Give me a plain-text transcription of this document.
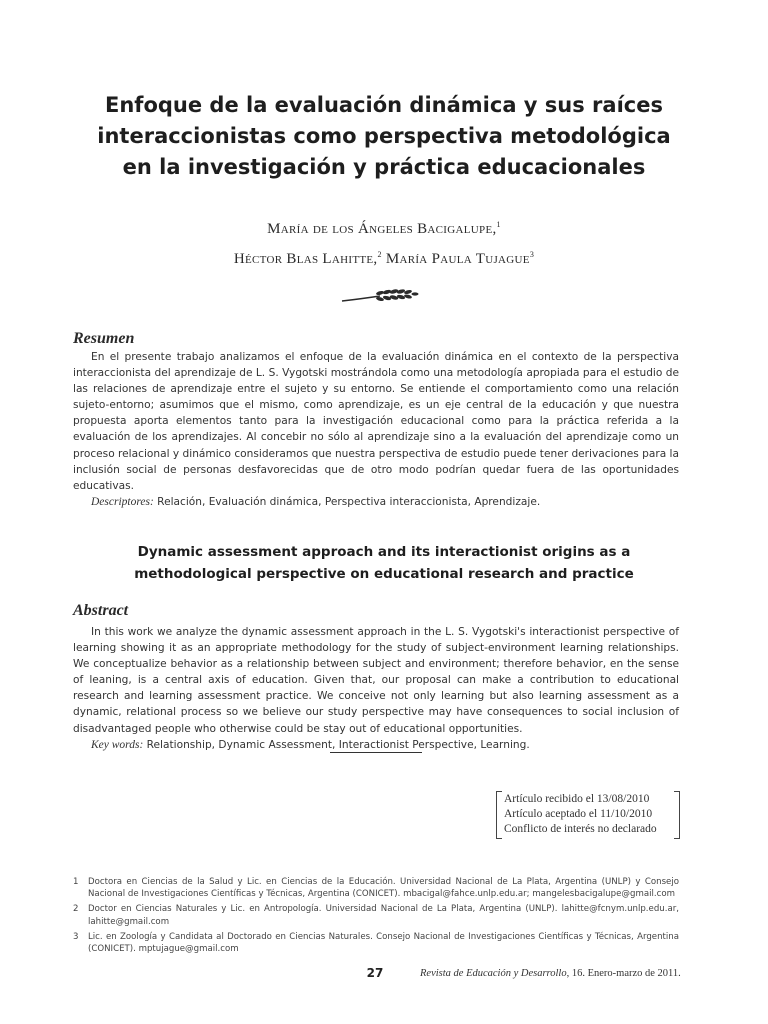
Enfoque de la evaluación dinámica y sus raíces
interaccionistas como perspectiva metodológica
en la investigación y práctica educacionales
María de los Ángeles Bacigalupe,$^1$
Héctor Blas Lahitte,$^2$ María Paula Tujague$^3$
Resumen

En el presente trabajo analizamos el enfoque de la evaluación dinámica en el contexto de la perspectiva interaccionista del aprendizaje de L. S. Vygotski mostrándola como una metodología apropiada para el estudio de las relaciones de aprendizaje entre el sujeto y su entorno. Se entiende el comportamiento como una relación sujeto-entorno; asumimos que el mismo, como aprendizaje, es un eje central de la educación y que nuestra propuesta aporta elementos tanto para la investigación educacional como para la práctica referida a la evaluación de los aprendizajes. Al concebir no sólo al aprendizaje sino a la evaluación del aprendizaje como un proceso relacional y dinámico consideramos que nuestra perspectiva de estudio puede tener derivaciones para la inclusión social de personas desfavorecidas que de otro modo podrían quedar fuera de las oportunidades educativas.

Descriptores: Relación, Evaluación dinámica, Perspectiva interaccionista, Aprendizaje.
Dynamic assessment approach and its interactionist origins as a
methodological perspective on educational research and practice
Abstract

In this work we analyze the dynamic assessment approach in the L. S. Vygotski's interactionist perspective of learning showing it as an appropriate methodology for the study of subject-environment learning relationships. We conceptualize behavior as a relationship between subject and environment; therefore behavior, en the sense of leaning, is a central axis of education. Given that, our proposal can make a contribution to educational research and learning assessment practice. We conceive not only learning but also learning assessment as a dynamic, relational process so we believe our study perspective may have consequences to social inclusion of disadvantaged people who otherwise could be stay out of educational opportunities.

Key words: Relationship, Dynamic Assessment, Interactionist Perspective, Learning.
Artículo recibido el 13/08/2010
Artículo aceptado el 11/10/2010
Conflicto de interés no declarado

1 Doctora en Ciencias de la Salud y Lic. en Ciencias de la Educación. Universidad Nacional de La Plata, Argentina (UNLP) y Consejo Nacional de Investigaciones Científicas y Técnicas, Argentina (CONICET). mbacigal@fahce.unlp.edu.ar; mangelesbacigalupe@gmail.com

2 Doctor en Ciencias Naturales y Lic. en Antropología. Universidad Nacional de La Plata, Argentina (UNLP). lahitte@fcnym.unlp.edu.ar, lahitte@gmail.com

3 Lic. en Zoología y Candidata al Doctorado en Ciencias Naturales. Consejo Nacional de Investigaciones Científicas y Técnicas, Argentina (CONICET). mptujague@gmail.com

27	Revista de Educación y Desarrollo, 16. Enero-marzo de 2011.
